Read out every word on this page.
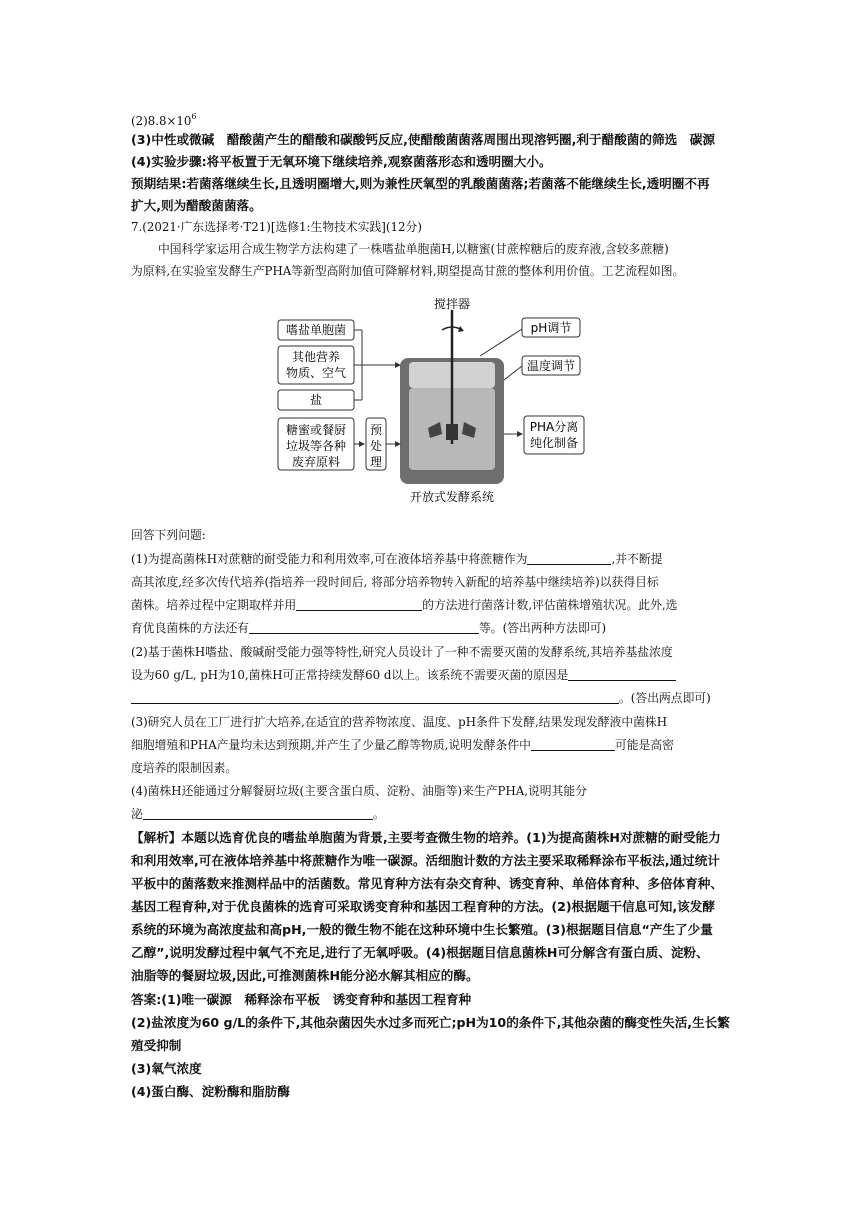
$(2)8.8\times 10^6$
(3)中性或微碱　醋酸菌产生的醋酸和碳酸钙反应,使醋酸菌菌落周围出现溶钙圈,利于醋酸菌的筛选　碳源
(4)实验步骤:将平板置于无氧环境下继续培养,观察菌落形态和透明圈大小。
预期结果:若菌落继续生长,且透明圈增大,则为兼性厌氧型的乳酸菌菌落;若菌落不能继续生长,透明圈不再
扩大,则为醋酸菌菌落。
7.(2021·广东选择考·T21)[选修1:生物技术实践](12分)
中国科学家运用合成生物学方法构建了一株嗜盐单胞菌H,以糖蜜(甘蔗榨糖后的废弃液,含较多蔗糖)
为原料,在实验室发酵生产PHA等新型高附加值可降解材料,期望提高甘蔗的整体利用价值。工艺流程如图。
搅拌器
pH调节
温度调节
嗜盐单胞菌
其他营养
物质、空气
盐
糖蜜或餐厨
垃圾等各种
废弃原料
预
处
理
PHA分离
纯化制备
开放式发酵系统
回答下列问题:
(1)为提高菌株H对蔗糖的耐受能力和利用效率,可在液体培养基中将蔗糖作为	,并不断提
高其浓度,经多次传代培养(指培养一段时间后, 将部分培养物转入新配的培养基中继续培养)以获得目标
菌株。培养过程中定期取样并用	的方法进行菌落计数,评估菌株增殖状况。此外,选
育优良菌株的方法还有	等。(答出两种方法即可)
(2)基于菌株H嗜盐、酸碱耐受能力强等特性,研究人员设计了一种不需要灭菌的发酵系统,其培养基盐浓度
设为60 g/L, pH为10,菌株H可正常持续发酵60 d以上。该系统不需要灭菌的原因是
。(答出两点即可)
(3)研究人员在工厂进行扩大培养,在适宜的营养物浓度、温度、pH条件下发酵,结果发现发酵液中菌株H
细胞增殖和PHA产量均未达到预期,并产生了少量乙醇等物质,说明发酵条件中	可能是高密
度培养的限制因素。
(4)菌株H还能通过分解餐厨垃圾(主要含蛋白质、淀粉、油脂等)来生产PHA,说明其能分
泌	。
【解析】本题以选育优良的嗜盐单胞菌为背景,主要考查微生物的培养。(1)为提高菌株H对蔗糖的耐受能力
和利用效率,可在液体培养基中将蔗糖作为唯一碳源。活细胞计数的方法主要采取稀释涂布平板法,通过统计
平板中的菌落数来推测样品中的活菌数。常见育种方法有杂交育种、诱变育种、单倍体育种、多倍体育种、
基因工程育种,对于优良菌株的选育可采取诱变育种和基因工程育种的方法。(2)根据题干信息可知,该发酵
系统的环境为高浓度盐和高pH,一般的微生物不能在这种环境中生长繁殖。(3)根据题目信息“产生了少量
乙醇”,说明发酵过程中氧气不充足,进行了无氧呼吸。(4)根据题目信息菌株H可分解含有蛋白质、淀粉、
油脂等的餐厨垃圾,因此,可推测菌株H能分泌水解其相应的酶。
答案:(1)唯一碳源　稀释涂布平板　诱变育种和基因工程育种
(2)盐浓度为60 g/L的条件下,其他杂菌因失水过多而死亡;pH为10的条件下,其他杂菌的酶变性失活,生长繁
殖受抑制
(3)氧气浓度
(4)蛋白酶、淀粉酶和脂肪酶
